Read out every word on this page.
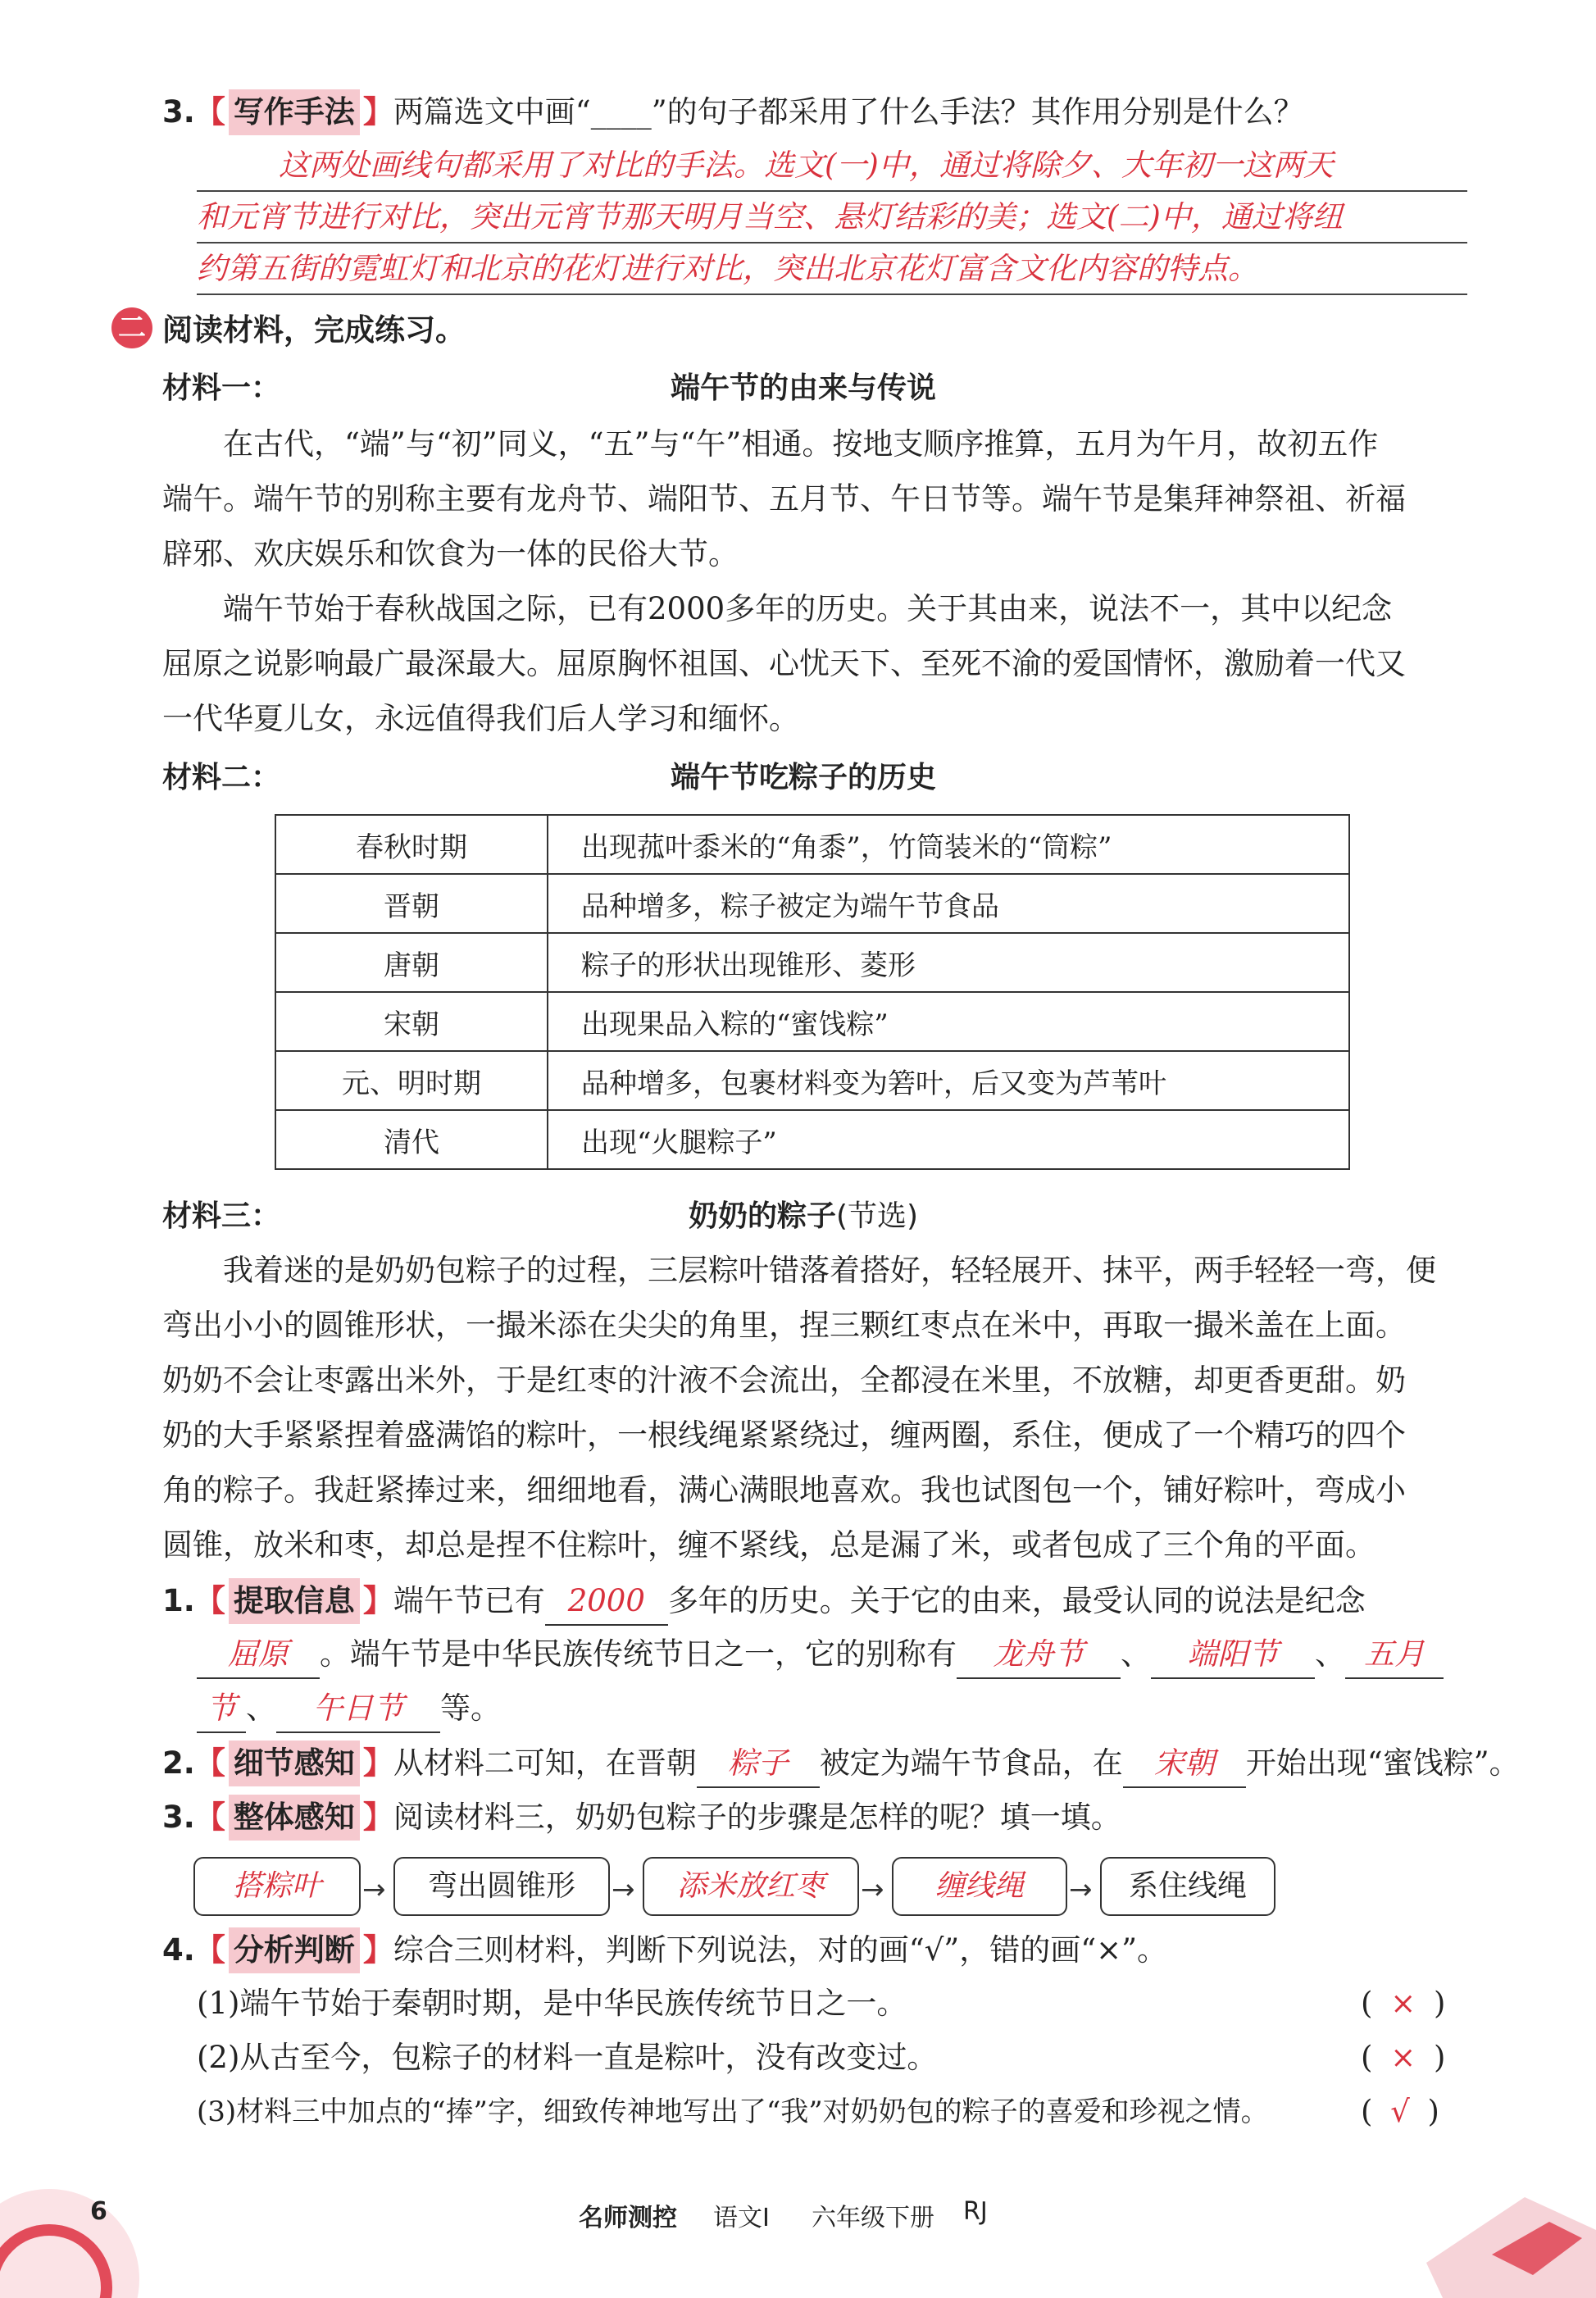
3.【 写作手法 】两篇选文中画“____”的句子都采用了什么手法？其作用分别是什么？
这两处画线句都采用了对比的手法。选文(一)中，通过将除夕、大年初一这两天
和元宵节进行对比，突出元宵节那天明月当空、悬灯结彩的美；选文(二)中，通过将纽
约第五街的霓虹灯和北京的花灯进行对比，突出北京花灯富含文化内容的特点。
二 阅读材料，完成练习。
材料一：	端午节的由来与传说
在古代，“端”与“初”同义，“五”与“午”相通。按地支顺序推算，五月为午月，故初五作
端午。端午节的别称主要有龙舟节、端阳节、五月节、午日节等。端午节是集拜神祭祖、祈福
辟邪、欢庆娱乐和饮食为一体的民俗大节。
端午节始于春秋战国之际，已有2000多年的历史。关于其由来，说法不一，其中以纪念
屈原之说影响最广最深最大。屈原胸怀祖国、心忧天下、至死不渝的爱国情怀，激励着一代又
一代华夏儿女，永远值得我们后人学习和缅怀。
材料二：	端午节吃粽子的历史
春秋时期	出现菰叶黍米的“角黍”，竹筒装米的“筒粽”
晋朝	品种增多，粽子被定为端午节食品
唐朝	粽子的形状出现锥形、菱形
宋朝	出现果品入粽的“蜜饯粽”
元、明时期	品种增多，包裹材料变为箬叶，后又变为芦苇叶
清代	出现“火腿粽子”
材料三：	奶奶的粽子(节选)
我着迷的是奶奶包粽子的过程，三层粽叶错落着搭好，轻轻展开、抹平，两手轻轻一弯，便
弯出小小的圆锥形状，一撮米添在尖尖的角里，捏三颗红枣点在米中，再取一撮米盖在上面。
奶奶不会让枣露出米外，于是红枣的汁液不会流出，全都浸在米里，不放糖，却更香更甜。奶
奶的大手紧紧捏着盛满馅的粽叶，一根线绳紧紧绕过，缠两圈，系住，便成了一个精巧的四个
角的粽子。我赶紧捧过来，细细地看，满心满眼地喜欢。我也试图包一个，铺好粽叶，弯成小
圆锥，放米和枣，却总是捏不住粽叶，缠不紧线，总是漏了米，或者包成了三个角的平面。
1.【 提取信息 】端午节已有 2000 多年的历史。关于它的由来，最受认同的说法是纪念
屈原 。端午节是中华民族传统节日之一，它的别称有 龙舟节 、 端阳节 、 五月
节 、 午日节 等。
2.【 细节感知 】从材料二可知，在晋朝 粽子 被定为端午节食品，在 宋朝 开始出现“蜜饯粽”。
3.【 整体感知 】阅读材料三，奶奶包粽子的步骤是怎样的呢？填一填。
搭粽叶	→	弯出圆锥形	→	添米放红枣	→	缠线绳	→	系住线绳
4.【 分析判断 】综合三则材料，判断下列说法，对的画“√”，错的画“×”。
(1)端午节始于秦朝时期，是中华民族传统节日之一。	( × )
(2)从古至今，包粽子的材料一直是粽叶，没有改变过。	( × )
(3)材料三中加点的“捧”字，细致传神地写出了“我”对奶奶包的粽子的喜爱和珍视之情。	( √ )
6	名师测控 语文Ⅰ 六年级下册 RJ
